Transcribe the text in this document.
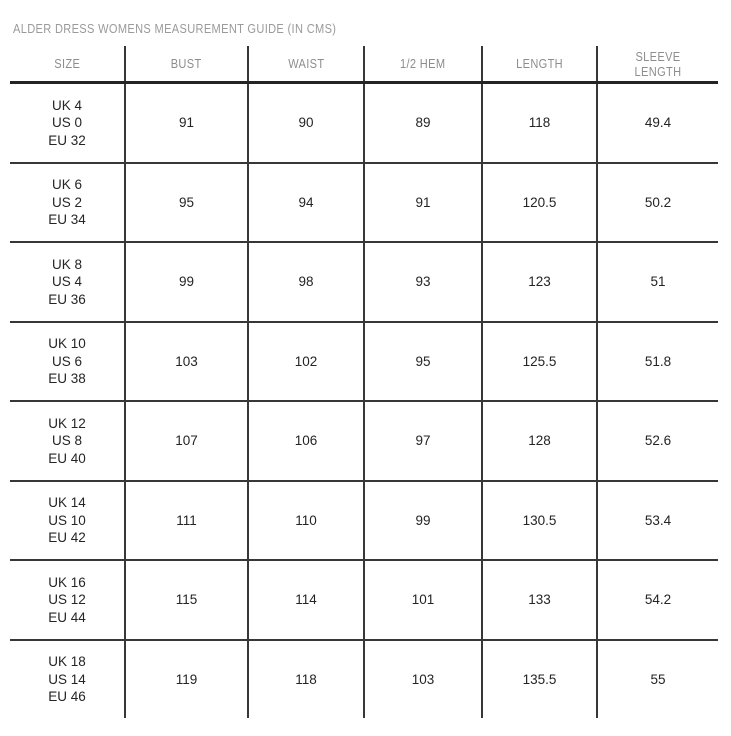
ALDER DRESS WOMENS MEASUREMENT GUIDE (IN CMS)
SIZE	BUST	WAIST	1/2 HEM	LENGTH	SLEEVE LENGTH

UK 4
US 0
EU 32	91	90	89	118	49.4

UK 6
US 2
EU 34	95	94	91	120.5	50.2

UK 8
US 4
EU 36	99	98	93	123	51

UK 10
US 6
EU 38	103	102	95	125.5	51.8

UK 12
US 8
EU 40	107	106	97	128	52.6

UK 14
US 10
EU 42	111	110	99	130.5	53.4

UK 16
US 12
EU 44	115	114	101	133	54.2

UK 18
US 14
EU 46	119	118	103	135.5	55
